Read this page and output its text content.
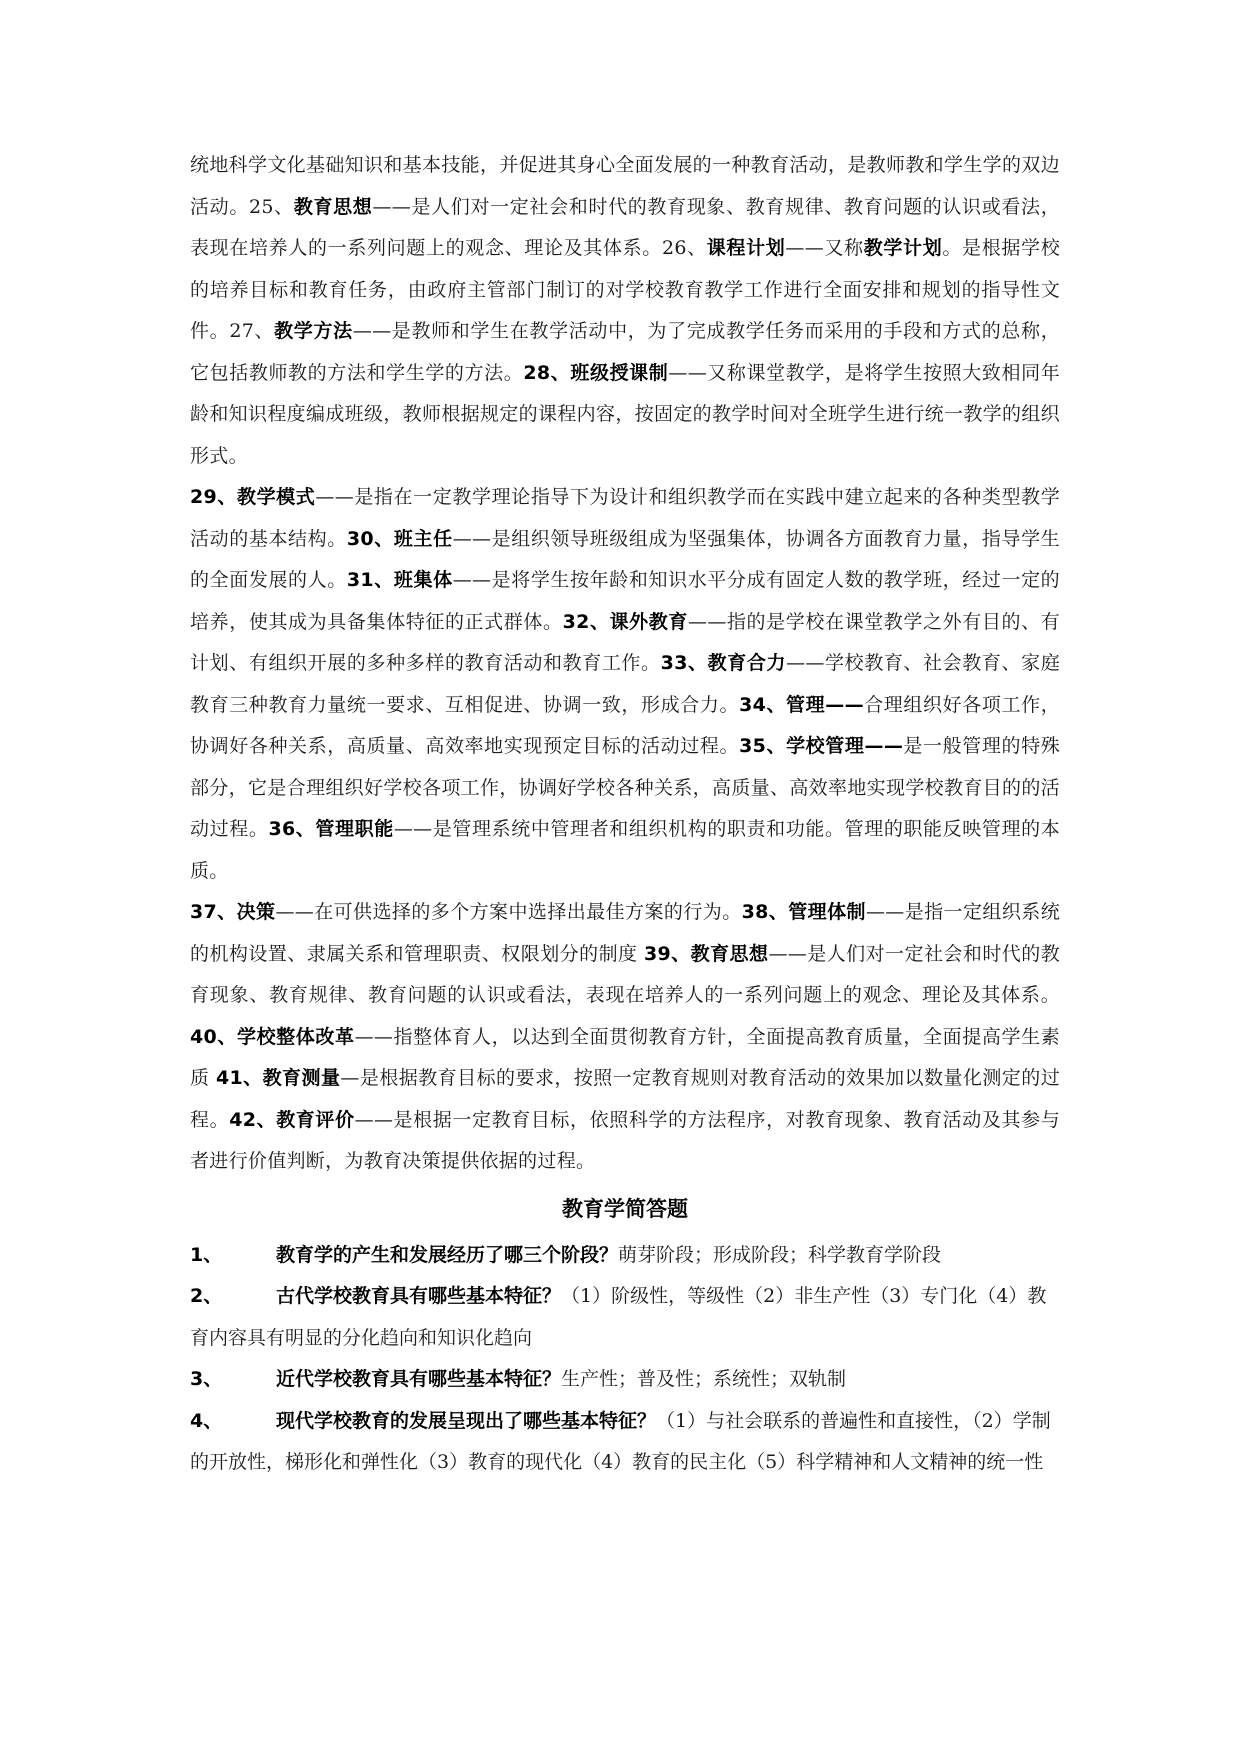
统地科学文化基础知识和基本技能，并促进其身心全面发展的一种教育活动，是教师教和学生学的双边活动。25、教育思想——是人们对一定社会和时代的教育现象、教育规律、教育问题的认识或看法，表现在培养人的一系列问题上的观念、理论及其体系。26、课程计划——又称教学计划。是根据学校的培养目标和教育任务，由政府主管部门制订的对学校教育教学工作进行全面安排和规划的指导性文件。27、教学方法——是教师和学生在教学活动中，为了完成教学任务而采用的手段和方式的总称，它包括教师教的方法和学生学的方法。28、班级授课制——又称课堂教学，是将学生按照大致相同年龄和知识程度编成班级，教师根据规定的课程内容，按固定的教学时间对全班学生进行统一教学的组织形式。

29、教学模式——是指在一定教学理论指导下为设计和组织教学而在实践中建立起来的各种类型教学活动的基本结构。30、班主任——是组织领导班级组成为坚强集体，协调各方面教育力量，指导学生的全面发展的人。31、班集体——是将学生按年龄和知识水平分成有固定人数的教学班，经过一定的培养，使其成为具备集体特征的正式群体。32、课外教育——指的是学校在课堂教学之外有目的、有计划、有组织开展的多种多样的教育活动和教育工作。33、教育合力——学校教育、社会教育、家庭教育三种教育力量统一要求、互相促进、协调一致，形成合力。34、管理——合理组织好各项工作，协调好各种关系，高质量、高效率地实现预定目标的活动过程。35、学校管理——是一般管理的特殊部分，它是合理组织好学校各项工作，协调好学校各种关系，高质量、高效率地实现学校教育目的的活动过程。36、管理职能——是管理系统中管理者和组织机构的职责和功能。管理的职能反映管理的本质。

37、决策——在可供选择的多个方案中选择出最佳方案的行为。38、管理体制——是指一定组织系统的机构设置、隶属关系和管理职责、权限划分的制度 39、教育思想——是人们对一定社会和时代的教育现象、教育规律、教育问题的认识或看法，表现在培养人的一系列问题上的观念、理论及其体系。40、学校整体改革——指整体育人，以达到全面贯彻教育方针，全面提高教育质量，全面提高学生素质 41、教育测量—是根据教育目标的要求，按照一定教育规则对教育活动的效果加以数量化测定的过程。42、教育评价——是根据一定教育目标，依照科学的方法程序，对教育现象、教育活动及其参与者进行价值判断，为教育决策提供依据的过程。

教育学简答题

1、	教育学的产生和发展经历了哪三个阶段？萌芽阶段；形成阶段；科学教育学阶段

2、	古代学校教育具有哪些基本特征？（1）阶级性，等级性（2）非生产性（3）专门化（4）教育内容具有明显的分化趋向和知识化趋向

3、	近代学校教育具有哪些基本特征？生产性；普及性；系统性；双轨制

4、	现代学校教育的发展呈现出了哪些基本特征？（1）与社会联系的普遍性和直接性，（2）学制的开放性，梯形化和弹性化（3）教育的现代化（4）教育的民主化（5）科学精神和人文精神的统一性
